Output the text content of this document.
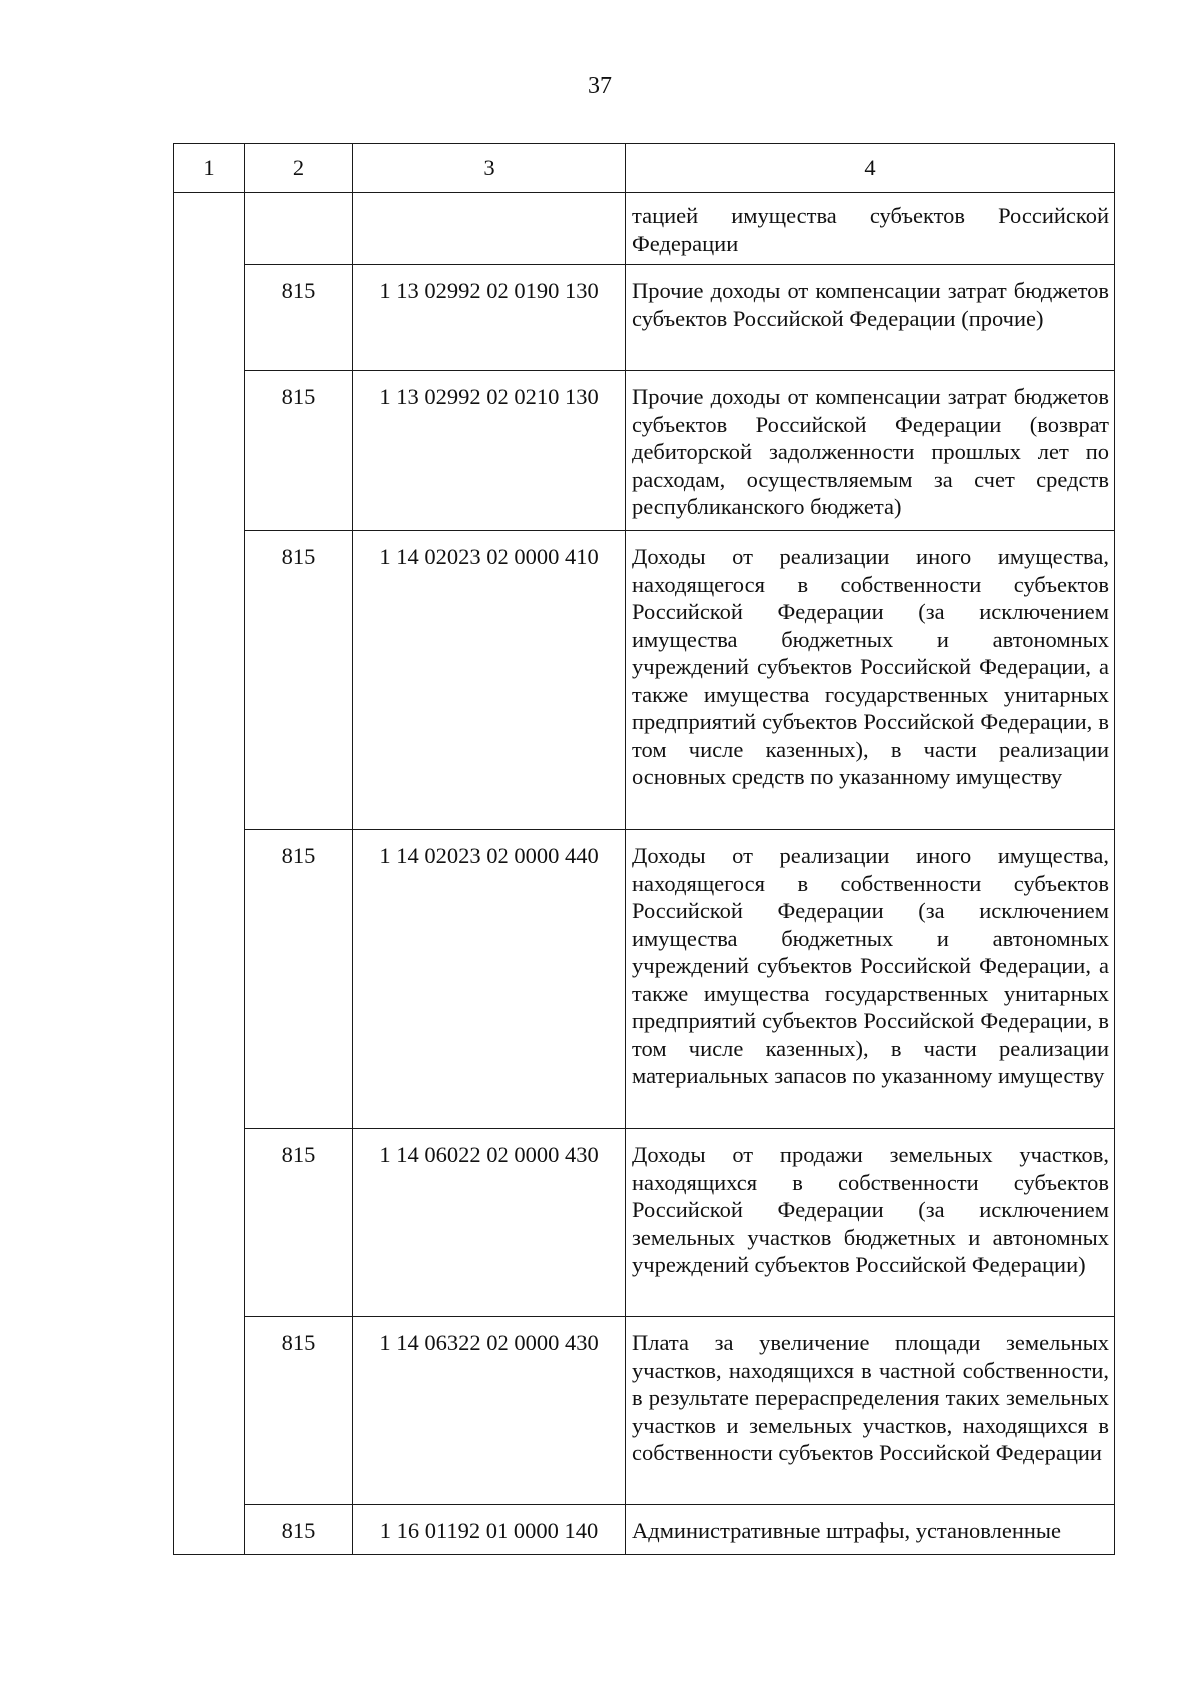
37
1	2	3	4
			тацией имущества субъектов Российской Федерации
	815	1 13 02992 02 0190 130	Прочие доходы от компенсации затрат бюджетов субъектов Российской Федерации (прочие)
	815	1 13 02992 02 0210 130	Прочие доходы от компенсации затрат бюджетов субъектов Российской Федерации (возврат дебиторской задолженности прошлых лет по расходам, осуществляемым за счет средств республиканского бюджета)
	815	1 14 02023 02 0000 410	Доходы от реализации иного имущества, находящегося в собственности субъектов Российской Федерации (за исключением имущества бюджетных и автономных учреждений субъектов Российской Федерации, а также имущества государственных унитарных предприятий субъектов Российской Федерации, в том числе казенных), в части реализации основных средств по указанному имуществу
	815	1 14 02023 02 0000 440	Доходы от реализации иного имущества, находящегося в собственности субъектов Российской Федерации (за исключением имущества бюджетных и автономных учреждений субъектов Российской Федерации, а также имущества государственных унитарных предприятий субъектов Российской Федерации, в том числе казенных), в части реализации материальных запасов по указанному имуществу
	815	1 14 06022 02 0000 430	Доходы от продажи земельных участков, находящихся в собственности субъектов Российской Федерации (за исключением земельных участков бюджетных и автономных учреждений субъектов Российской Федерации)
	815	1 14 06322 02 0000 430	Плата за увеличение площади земельных участков, находящихся в частной собственности, в результате перераспределения таких земельных участков и земельных участков, находящихся в собственности субъектов Российской Федерации
	815	1 16 01192 01 0000 140	Административные штрафы, установленные
